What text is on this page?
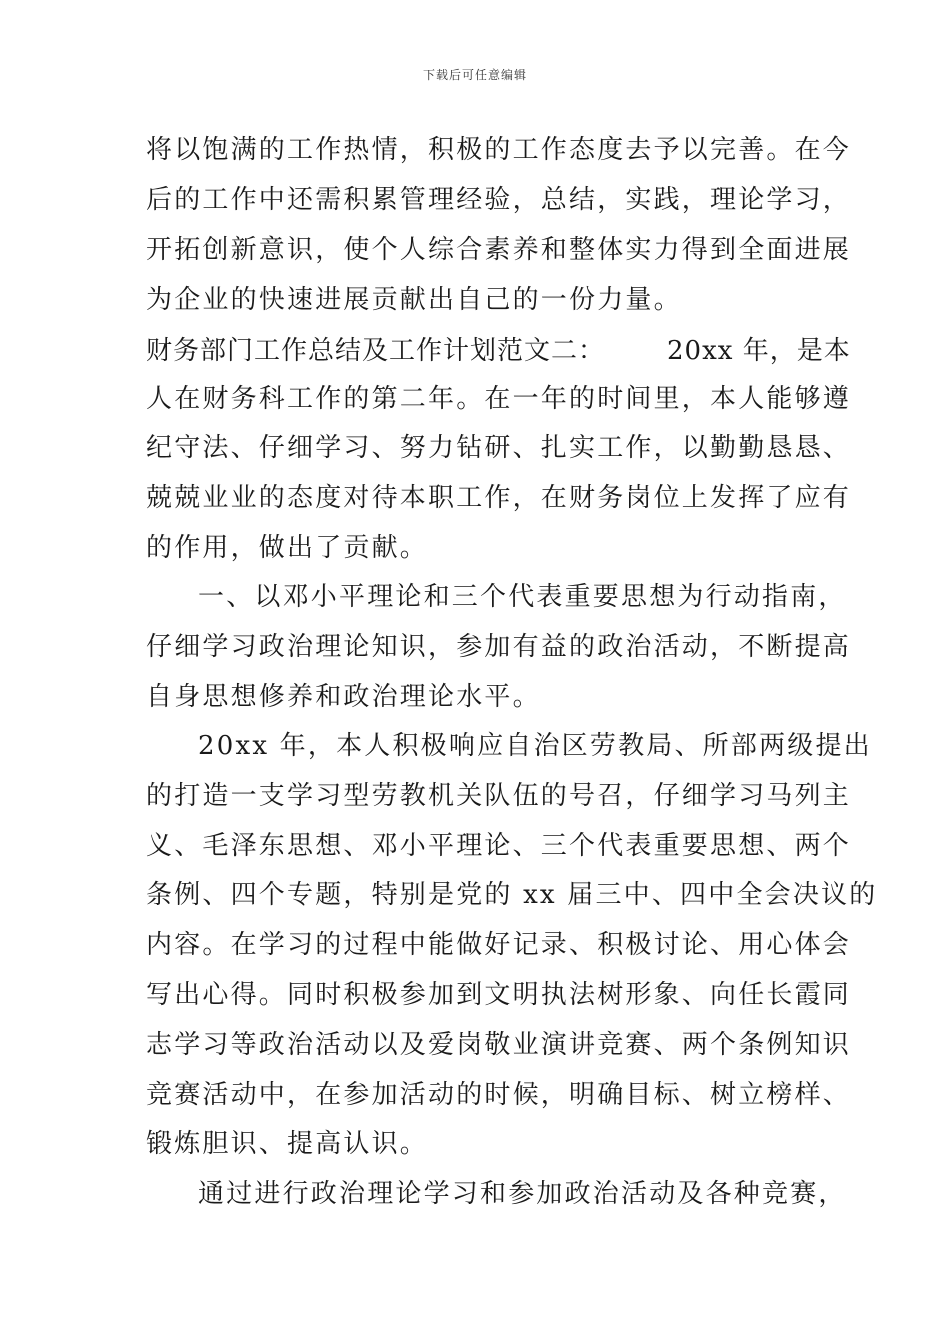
下载后可任意编辑
将以饱满的工作热情，积极的工作态度去予以完善。在今
后的工作中还需积累管理经验，总结，实践，理论学习，
开拓创新意识，使个人综合素养和整体实力得到全面进展
为企业的快速进展贡献出自己的一份力量。
财务部门工作总结及工作计划范文二： 20xx 年，是本
人在财务科工作的第二年。在一年的时间里，本人能够遵
纪守法、仔细学习、努力钻研、扎实工作，以勤勤恳恳、
兢兢业业的态度对待本职工作，在财务岗位上发挥了应有
的作用，做出了贡献。
一、以邓小平理论和三个代表重要思想为行动指南，
仔细学习政治理论知识，参加有益的政治活动，不断提高
自身思想修养和政治理论水平。
20xx 年，本人积极响应自治区劳教局、所部两级提出
的打造一支学习型劳教机关队伍的号召，仔细学习马列主
义、毛泽东思想、邓小平理论、三个代表重要思想、两个
条例、四个专题，特别是党的 xx 届三中、四中全会决议的
内容。在学习的过程中能做好记录、积极讨论、用心体会
写出心得。同时积极参加到文明执法树形象、向任长霞同
志学习等政治活动以及爱岗敬业演讲竞赛、两个条例知识
竞赛活动中，在参加活动的时候，明确目标、树立榜样、
锻炼胆识、提高认识。
通过进行政治理论学习和参加政治活动及各种竞赛，
